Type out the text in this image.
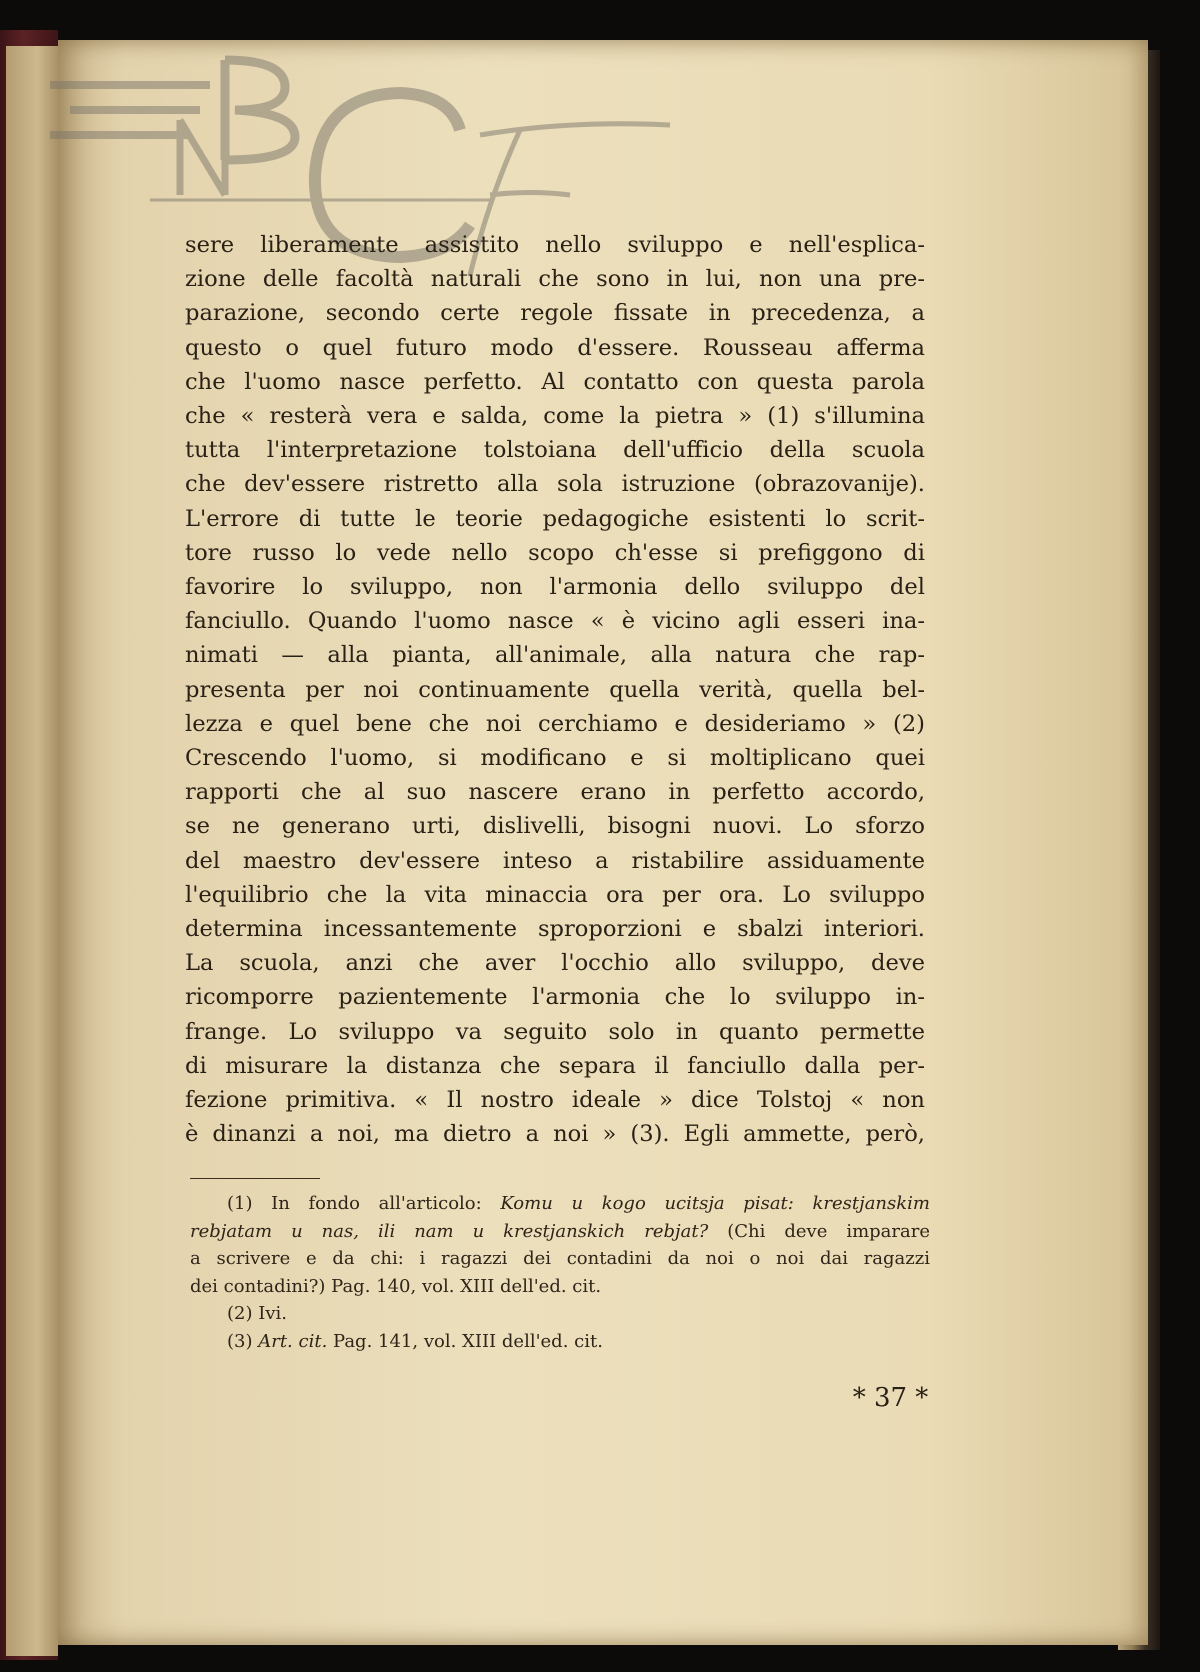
sere liberamente assistito nello sviluppo e nell'esplica-
zione delle facoltà naturali che sono in lui, non una pre-
parazione, secondo certe regole fissate in precedenza, a
questo o quel futuro modo d'essere. Rousseau afferma
che l'uomo nasce perfetto. Al contatto con questa parola
che « resterà vera e salda, come la pietra » (1) s'illumina
tutta l'interpretazione tolstoiana dell'ufficio della scuola
che dev'essere ristretto alla sola istruzione (obrazovanije).
L'errore di tutte le teorie pedagogiche esistenti lo scrit-
tore russo lo vede nello scopo ch'esse si prefiggono di
favorire lo sviluppo, non l'armonia dello sviluppo del
fanciullo. Quando l'uomo nasce « è vicino agli esseri ina-
nimati — alla pianta, all'animale, alla natura che rap-
presenta per noi continuamente quella verità, quella bel-
lezza e quel bene che noi cerchiamo e desideriamo » (2)
Crescendo l'uomo, si modificano e si moltiplicano quei
rapporti che al suo nascere erano in perfetto accordo,
se ne generano urti, dislivelli, bisogni nuovi. Lo sforzo
del maestro dev'essere inteso a ristabilire assiduamente
l'equilibrio che la vita minaccia ora per ora. Lo sviluppo
determina incessantemente sproporzioni e sbalzi interiori.
La scuola, anzi che aver l'occhio allo sviluppo, deve
ricomporre pazientemente l'armonia che lo sviluppo in-
frange. Lo sviluppo va seguito solo in quanto permette
di misurare la distanza che separa il fanciullo dalla per-
fezione primitiva. « Il nostro ideale » dice Tolstoj « non
è dinanzi a noi, ma dietro a noi » (3). Egli ammette, però,
(1) In fondo all'articolo: Komu u kogo ucitsja pisat: krestjanskim
rebjatam u nas, ili nam u krestjanskich rebjat? (Chi deve imparare
a scrivere e da chi: i ragazzi dei contadini da noi o noi dai ragazzi
dei contadini?) Pag. 140, vol. XIII dell'ed. cit.
(2) Ivi.
(3) Art. cit. Pag. 141, vol. XIII dell'ed. cit.
* 37 *
